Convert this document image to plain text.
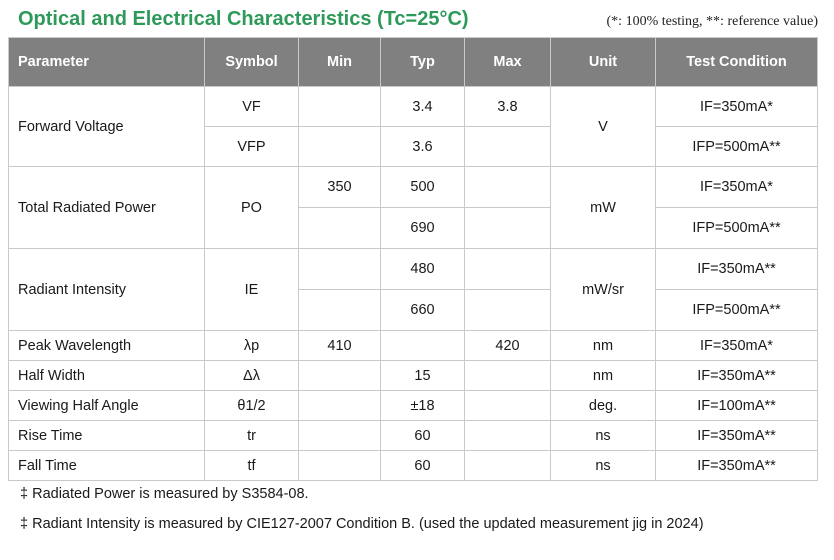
Optical and Electrical Characteristics (Tc=25°C)	(*: 100% testing, **: reference value)
Parameter	Symbol	Min	Typ	Max	Unit	Test Condition
Forward Voltage	VF		3.4	3.8	V	IF=350mA*
	VFP		3.6			IFP=500mA**
Total Radiated Power	PO	350	500		mW	IF=350mA*
			690			IFP=500mA**
Radiant Intensity	IE		480		mW/sr	IF=350mA**
			660			IFP=500mA**
Peak Wavelength	λp	410		420	nm	IF=350mA*
Half Width	Δλ		15		nm	IF=350mA**
Viewing Half Angle	θ1/2		±18		deg.	IF=100mA**
Rise Time	tr		60		ns	IF=350mA**
Fall Time	tf		60		ns	IF=350mA**
‡ Radiated Power is measured by S3584-08.
‡ Radiant Intensity is measured by CIE127-2007 Condition B. (used the updated measurement jig in 2024)
